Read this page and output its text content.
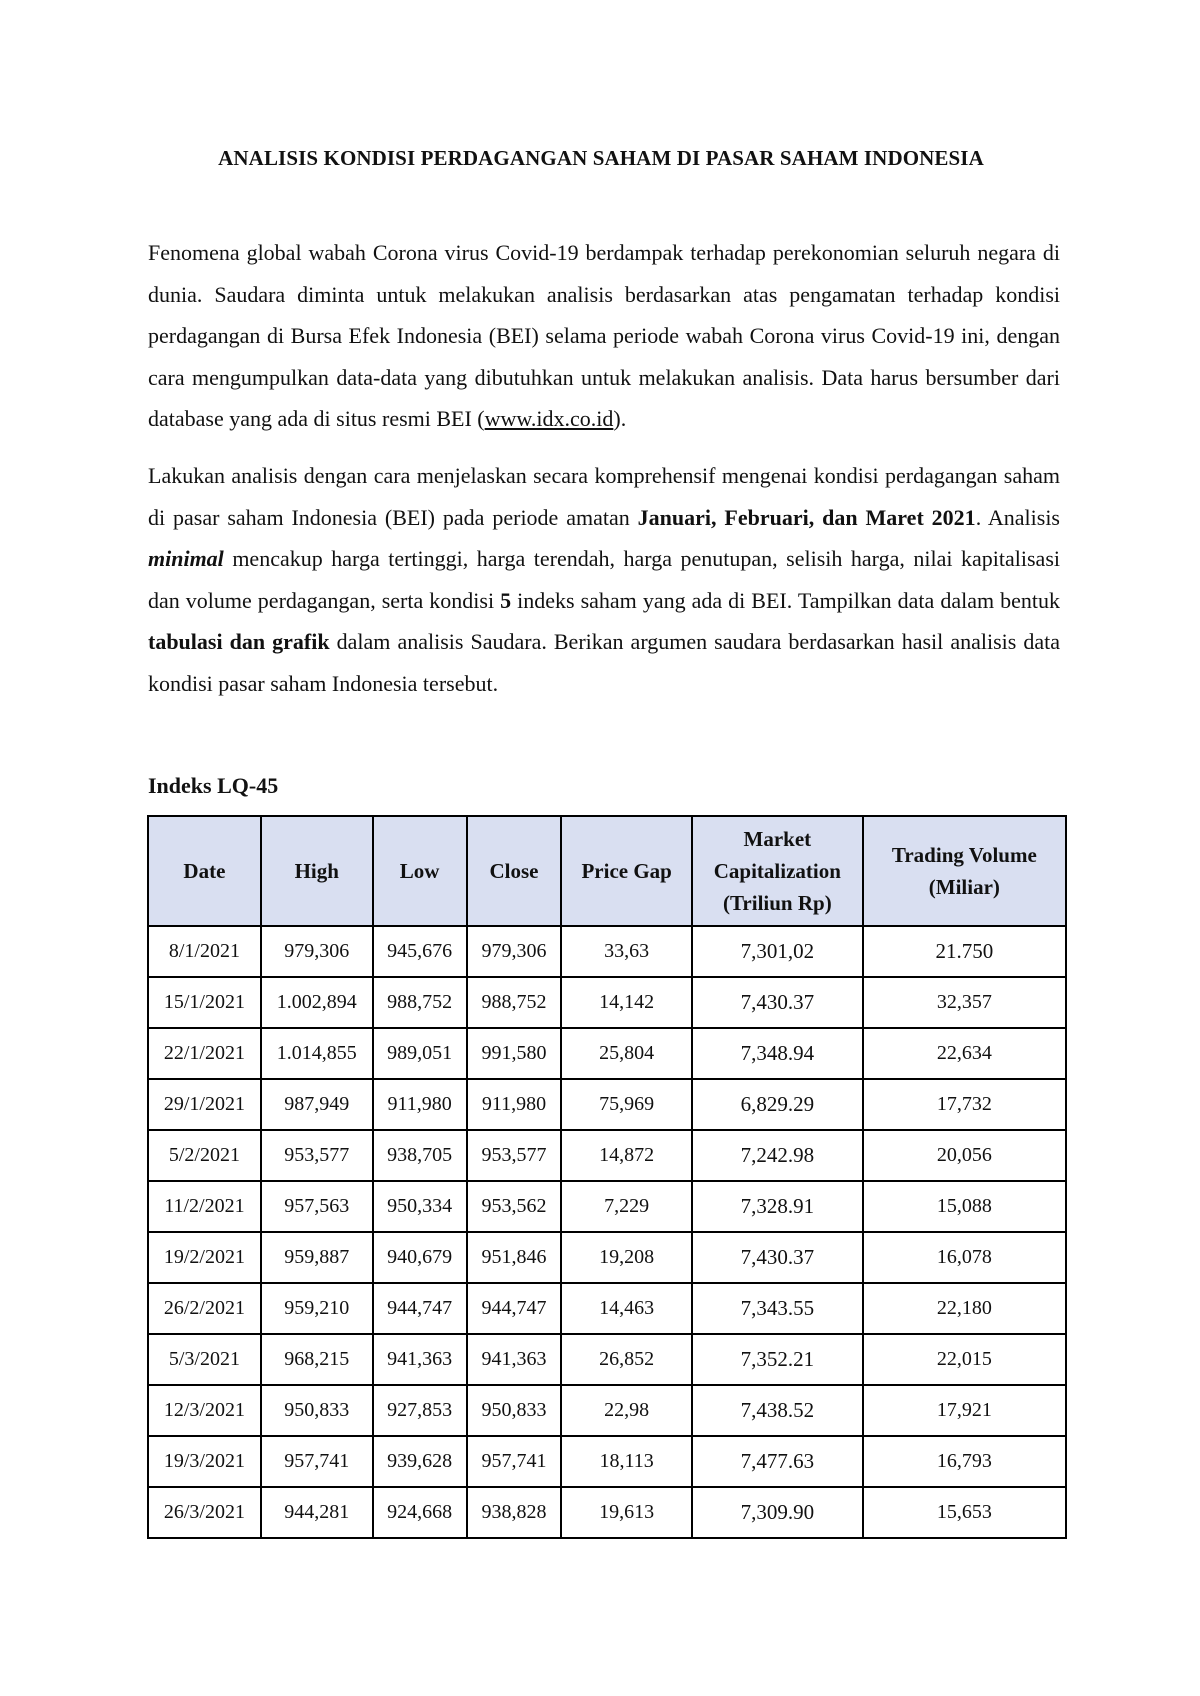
ANALISIS KONDISI PERDAGANGAN SAHAM DI PASAR SAHAM INDONESIA

Fenomena global wabah Corona virus Covid-19 berdampak terhadap perekonomian seluruh negara di dunia. Saudara diminta untuk melakukan analisis berdasarkan atas pengamatan terhadap kondisi perdagangan di Bursa Efek Indonesia (BEI) selama periode wabah Corona virus Covid-19 ini, dengan cara mengumpulkan data-data yang dibutuhkan untuk melakukan analisis. Data harus bersumber dari database yang ada di situs resmi BEI (www.idx.co.id).

Lakukan analisis dengan cara menjelaskan secara komprehensif mengenai kondisi perdagangan saham di pasar saham Indonesia (BEI) pada periode amatan Januari, Februari, dan Maret 2021. Analisis minimal mencakup harga tertinggi, harga terendah, harga penutupan, selisih harga, nilai kapitalisasi dan volume perdagangan, serta kondisi 5 indeks saham yang ada di BEI. Tampilkan data dalam bentuk tabulasi dan grafik dalam analisis Saudara. Berikan argumen saudara berdasarkan hasil analisis data kondisi pasar saham Indonesia tersebut.

Indeks LQ-45
Date	High	Low	Close	Price Gap	Market
Capitalization
(Triliun Rp)	Trading Volume
(Miliar)
8/1/2021	979,306	945,676	979,306	33,63	7,301,02	21.750
15/1/2021	1.002,894	988,752	988,752	14,142	7,430.37	32,357
22/1/2021	1.014,855	989,051	991,580	25,804	7,348.94	22,634
29/1/2021	987,949	911,980	911,980	75,969	6,829.29	17,732
5/2/2021	953,577	938,705	953,577	14,872	7,242.98	20,056
11/2/2021	957,563	950,334	953,562	7,229	7,328.91	15,088
19/2/2021	959,887	940,679	951,846	19,208	7,430.37	16,078
26/2/2021	959,210	944,747	944,747	14,463	7,343.55	22,180
5/3/2021	968,215	941,363	941,363	26,852	7,352.21	22,015
12/3/2021	950,833	927,853	950,833	22,98	7,438.52	17,921
19/3/2021	957,741	939,628	957,741	18,113	7,477.63	16,793
26/3/2021	944,281	924,668	938,828	19,613	7,309.90	15,653
